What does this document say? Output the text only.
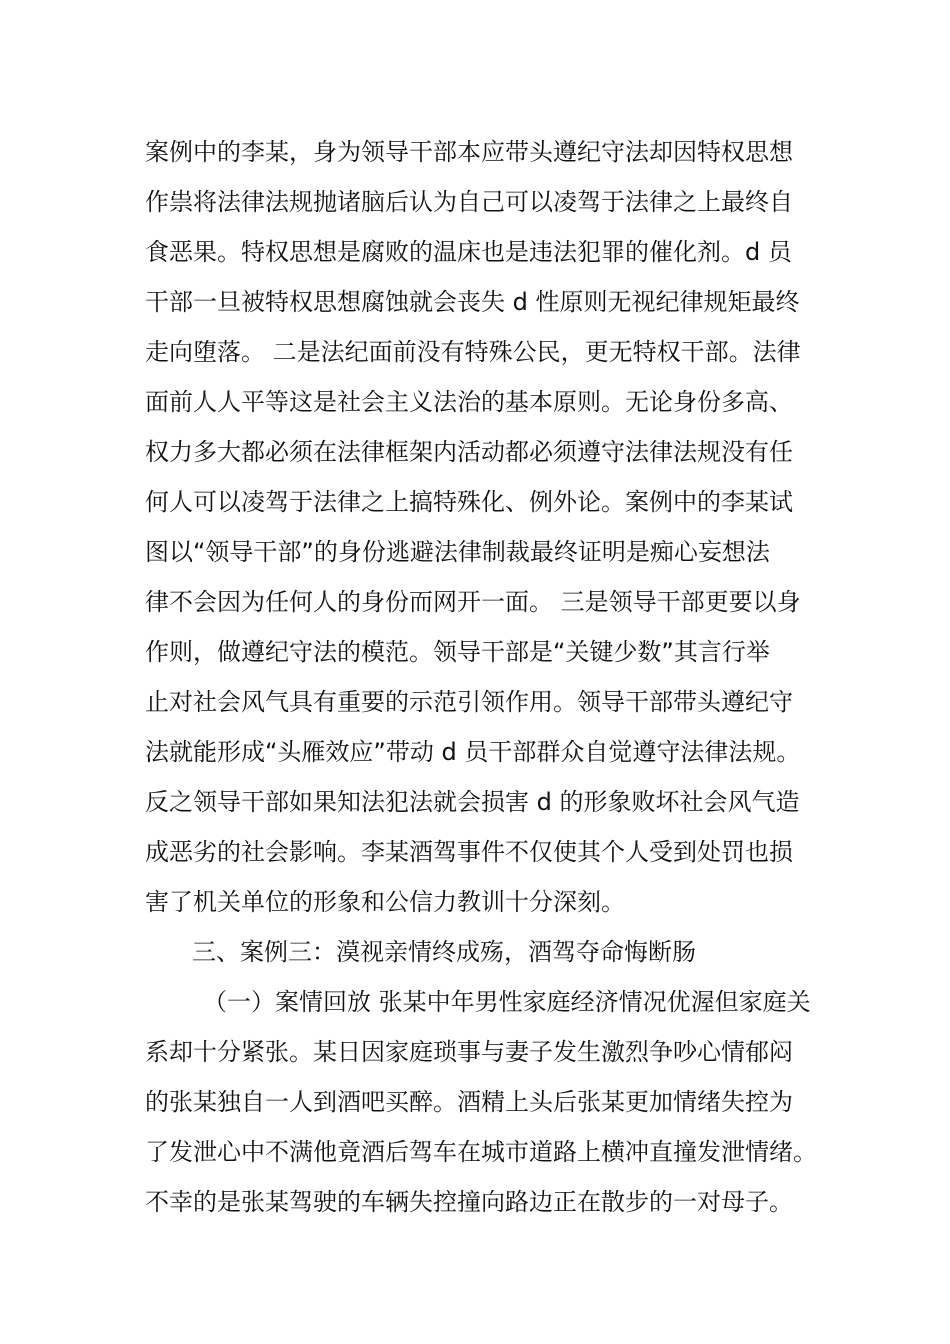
案例中的李某，身为领导干部本应带头遵纪守法却因特权思想
作祟将法律法规抛诸脑后认为自己可以凌驾于法律之上最终自
食恶果。特权思想是腐败的温床也是违法犯罪的催化剂。d 员
干部一旦被特权思想腐蚀就会丧失 d 性原则无视纪律规矩最终
走向堕落。 二是法纪面前没有特殊公民，更无特权干部。法律
面前人人平等这是社会主义法治的基本原则。无论身份多高、
权力多大都必须在法律框架内活动都必须遵守法律法规没有任
何人可以凌驾于法律之上搞特殊化、例外论。案例中的李某试
图以“领导干部”的身份逃避法律制裁最终证明是痴心妄想法
律不会因为任何人的身份而网开一面。 三是领导干部更要以身
作则，做遵纪守法的模范。领导干部是“关键少数”其言行举
止对社会风气具有重要的示范引领作用。领导干部带头遵纪守
法就能形成“头雁效应”带动 d 员干部群众自觉遵守法律法规。
反之领导干部如果知法犯法就会损害 d 的形象败坏社会风气造
成恶劣的社会影响。李某酒驾事件不仅使其个人受到处罚也损
害了机关单位的形象和公信力教训十分深刻。
三、案例三：漠视亲情终成殇，酒驾夺命悔断肠
（一）案情回放 张某中年男性家庭经济情况优渥但家庭关
系却十分紧张。某日因家庭琐事与妻子发生激烈争吵心情郁闷
的张某独自一人到酒吧买醉。酒精上头后张某更加情绪失控为
了发泄心中不满他竟酒后驾车在城市道路上横冲直撞发泄情绪。
不幸的是张某驾驶的车辆失控撞向路边正在散步的一对母子。
